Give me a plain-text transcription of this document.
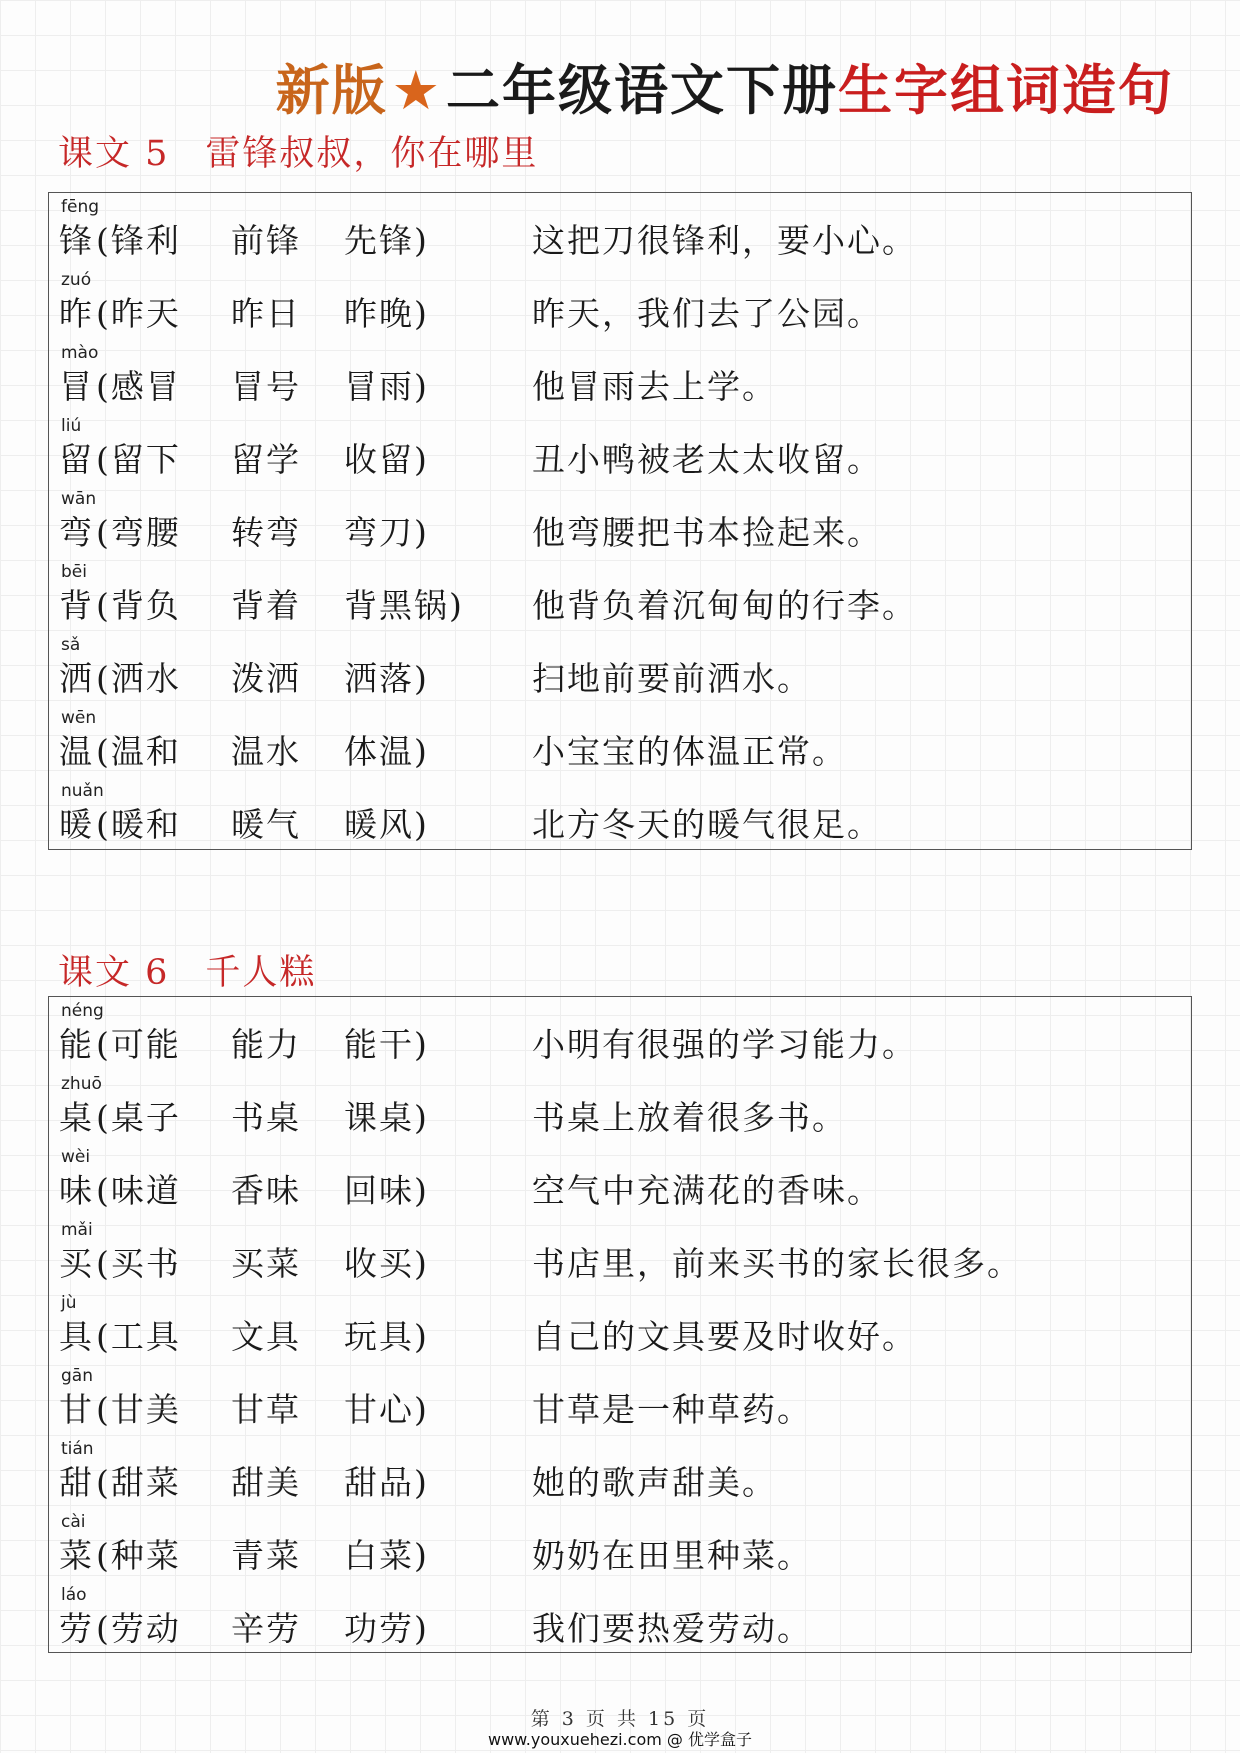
新版★二年级语文下册生字组词造句
课文 5 雷锋叔叔，你在哪里
fēng
锋 (锋利 前锋 先锋)	这把刀很锋利，要小心。
zuó
昨 (昨天 昨日 昨晚)	昨天，我们去了公园。
mào
冒 (感冒 冒号 冒雨)	他冒雨去上学。
liú
留 (留下 留学 收留)	丑小鸭被老太太收留。
wān
弯 (弯腰 转弯 弯刀)	他弯腰把书本捡起来。
bēi
背 (背负 背着 背黑锅) 他背负着沉甸甸的行李。
sǎ
洒 (洒水 泼洒 洒落)	扫地前要前洒水。
wēn
温 (温和 温水 体温)	小宝宝的体温正常。
nuǎn
暖 (暖和 暖气 暖风)	北方冬天的暖气很足。
课文 6 千人糕
néng
能 (可能 能力 能干)	小明有很强的学习能力。
zhuō
桌 (桌子 书桌 课桌)	书桌上放着很多书。
wèi
味 (味道 香味 回味)	空气中充满花的香味。
mǎi
买 (买书 买菜 收买)	书店里，前来买书的家长很多。
jù
具 (工具 文具 玩具)	自己的文具要及时收好。
gān
甘 (甘美 甘草 甘心)	甘草是一种草药。
tián
甜 (甜菜 甜美 甜品)	她的歌声甜美。
cài
菜 (种菜 青菜 白菜)	奶奶在田里种菜。
láo
劳 (劳动 辛劳 功劳)	我们要热爱劳动。
第 3 页 共 15 页
www.youxuehezi.com @ 优学盒子
